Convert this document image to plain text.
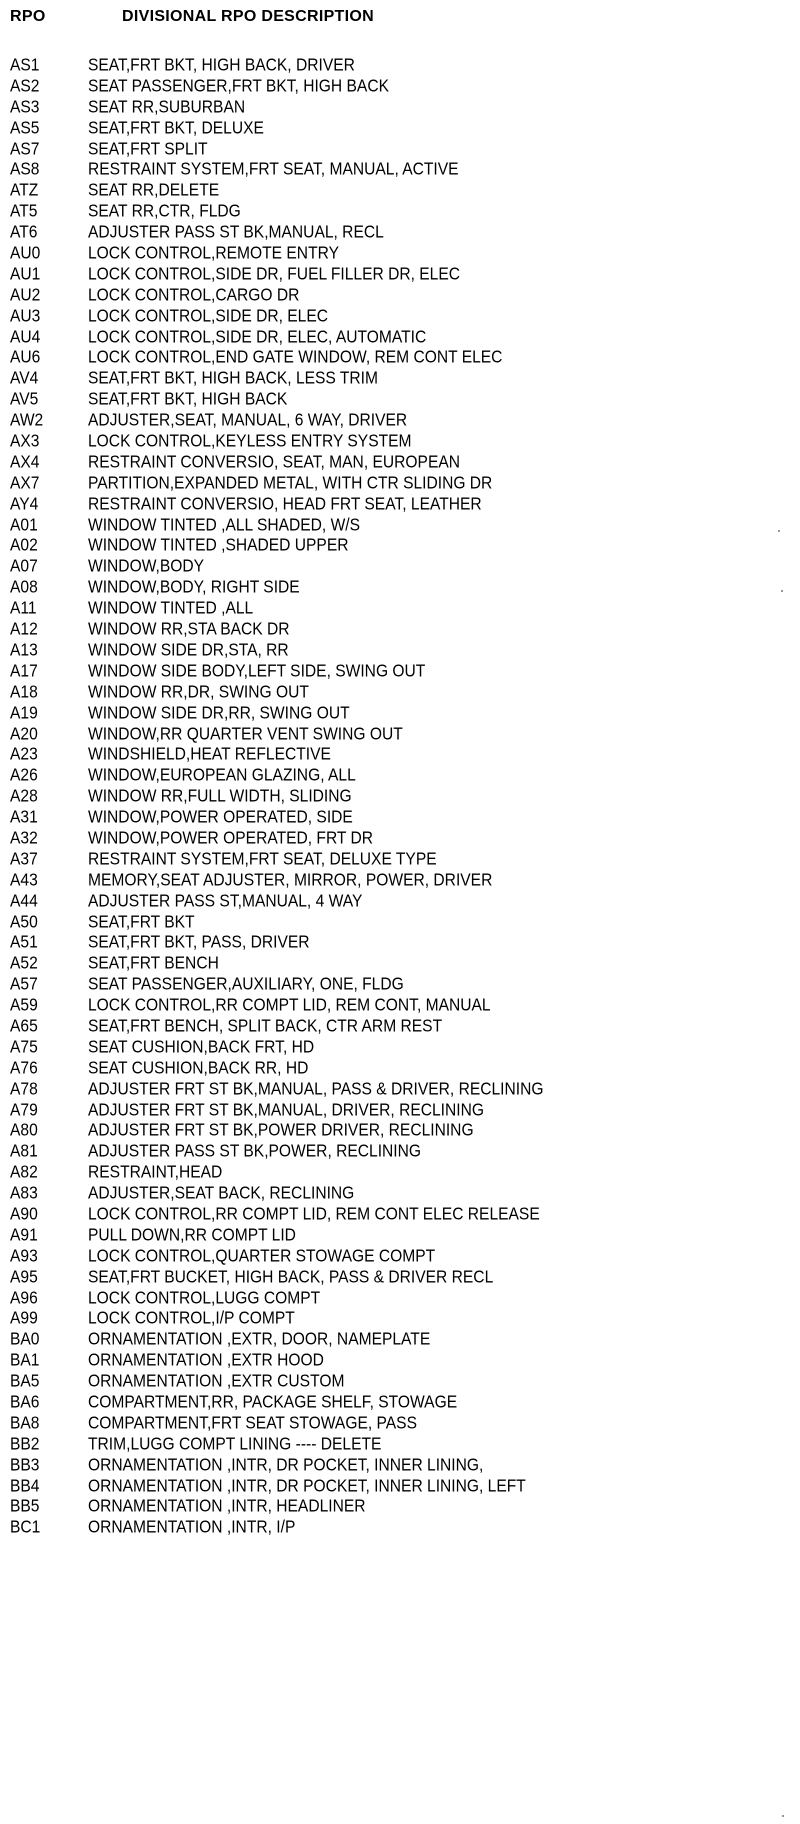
RPO	DIVISIONAL RPO DESCRIPTION
AS1	SEAT,FRT BKT, HIGH BACK, DRIVER
AS2	SEAT PASSENGER,FRT BKT, HIGH BACK
AS3	SEAT RR,SUBURBAN
AS5	SEAT,FRT BKT, DELUXE
AS7	SEAT,FRT SPLIT
AS8	RESTRAINT SYSTEM,FRT SEAT, MANUAL, ACTIVE
ATZ	SEAT RR,DELETE
AT5	SEAT RR,CTR, FLDG
AT6	ADJUSTER PASS ST BK,MANUAL, RECL
AU0	LOCK CONTROL,REMOTE ENTRY
AU1	LOCK CONTROL,SIDE DR, FUEL FILLER DR, ELEC
AU2	LOCK CONTROL,CARGO DR
AU3	LOCK CONTROL,SIDE DR, ELEC
AU4	LOCK CONTROL,SIDE DR, ELEC, AUTOMATIC
AU6	LOCK CONTROL,END GATE WINDOW, REM CONT ELEC
AV4	SEAT,FRT BKT, HIGH BACK, LESS TRIM
AV5	SEAT,FRT BKT, HIGH BACK
AW2	ADJUSTER,SEAT, MANUAL, 6 WAY, DRIVER
AX3	LOCK CONTROL,KEYLESS ENTRY SYSTEM
AX4	RESTRAINT CONVERSIO, SEAT, MAN, EUROPEAN
AX7	PARTITION,EXPANDED METAL, WITH CTR SLIDING DR
AY4	RESTRAINT CONVERSIO, HEAD FRT SEAT, LEATHER
A01	WINDOW TINTED ,ALL SHADED, W/S
A02	WINDOW TINTED ,SHADED UPPER
A07	WINDOW,BODY
A08	WINDOW,BODY, RIGHT SIDE
A11	WINDOW TINTED ,ALL
A12	WINDOW RR,STA BACK DR
A13	WINDOW SIDE DR,STA, RR
A17	WINDOW SIDE BODY,LEFT SIDE, SWING OUT
A18	WINDOW RR,DR, SWING OUT
A19	WINDOW SIDE DR,RR, SWING OUT
A20	WINDOW,RR QUARTER VENT SWING OUT
A23	WINDSHIELD,HEAT REFLECTIVE
A26	WINDOW,EUROPEAN GLAZING, ALL
A28	WINDOW RR,FULL WIDTH, SLIDING
A31	WINDOW,POWER OPERATED, SIDE
A32	WINDOW,POWER OPERATED, FRT DR
A37	RESTRAINT SYSTEM,FRT SEAT, DELUXE TYPE
A43	MEMORY,SEAT ADJUSTER, MIRROR, POWER, DRIVER
A44	ADJUSTER PASS ST,MANUAL, 4 WAY
A50	SEAT,FRT BKT
A51	SEAT,FRT BKT, PASS, DRIVER
A52	SEAT,FRT BENCH
A57	SEAT PASSENGER,AUXILIARY, ONE, FLDG
A59	LOCK CONTROL,RR COMPT LID, REM CONT, MANUAL
A65	SEAT,FRT BENCH, SPLIT BACK, CTR ARM REST
A75	SEAT CUSHION,BACK FRT, HD
A76	SEAT CUSHION,BACK RR, HD
A78	ADJUSTER FRT ST BK,MANUAL, PASS & DRIVER, RECLINING
A79	ADJUSTER FRT ST BK,MANUAL, DRIVER, RECLINING
A80	ADJUSTER FRT ST BK,POWER DRIVER, RECLINING
A81	ADJUSTER PASS ST BK,POWER, RECLINING
A82	RESTRAINT,HEAD
A83	ADJUSTER,SEAT BACK, RECLINING
A90	LOCK CONTROL,RR COMPT LID, REM CONT ELEC RELEASE
A91	PULL DOWN,RR COMPT LID
A93	LOCK CONTROL,QUARTER STOWAGE COMPT
A95	SEAT,FRT BUCKET, HIGH BACK, PASS & DRIVER RECL
A96	LOCK CONTROL,LUGG COMPT
A99	LOCK CONTROL,I/P COMPT
BA0	ORNAMENTATION ,EXTR, DOOR, NAMEPLATE
BA1	ORNAMENTATION ,EXTR HOOD
BA5	ORNAMENTATION ,EXTR CUSTOM
BA6	COMPARTMENT,RR, PACKAGE SHELF, STOWAGE
BA8	COMPARTMENT,FRT SEAT STOWAGE, PASS
BB2	TRIM,LUGG COMPT LINING ---- DELETE
BB3	ORNAMENTATION ,INTR, DR POCKET, INNER LINING,
BB4	ORNAMENTATION ,INTR, DR POCKET, INNER LINING, LEFT
BB5	ORNAMENTATION ,INTR, HEADLINER
BC1	ORNAMENTATION ,INTR, I/P
